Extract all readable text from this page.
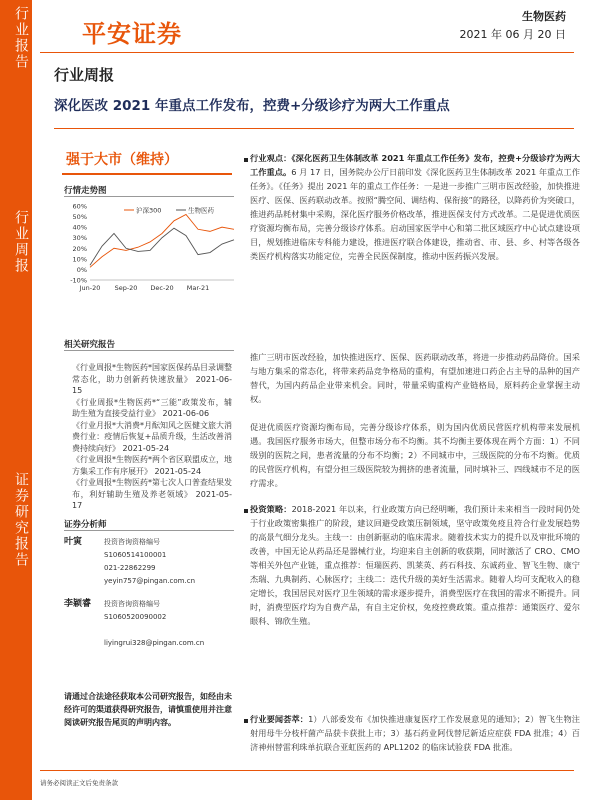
行业报告
行业周报
证券研究报告
平安证券
生物医药
2021 年 06 月 20 日
行业周报
深化医改 2021 年重点工作发布，控费+分级诊疗为两大工作重点
强于大市（维持）
行情走势图
-10%
0%
10%
20%
30%
40%
50%
60%
Jun-20 Sep-20 Dec-20 Mar-21
沪深300	生物医药
相关研究报告
《行业周报*生物医药*国家医保药品目录调整常态化，助力创新药快速放量》 2021-06-15
《行业周报*生物医药*“三能”政策发布，辅助生殖为直接受益行业》 2021-06-06
《行业月报*大消费*月酝知风之医健文旅大消费行业：疫情后恢复+品质升级，生活改善消费持续向好》 2021-05-24
《行业周报*生物医药*两个省区联盟成立，地方集采工作有序展开》 2021-05-24
《行业周报*生物医药*第七次人口普查结果发布，利好辅助生殖及养老领域》 2021-05-17
证券分析师
叶寅	投资咨询资格编号
S1060514100001
021-22862299
yeyin757@pingan.com.cn
李颖睿	投资咨询资格编号
S1060520090002
liyingrui328@pingan.com.cn
请通过合法途径获取本公司研究报告，如经由未经许可的渠道获得研究报告，请慎重使用并注意阅读研究报告尾页的声明内容。
请务必阅读正文后免责条款
行业观点：《深化医药卫生体制改革 2021 年重点工作任务》发布，控费+分级诊疗为两大工作重点。6 月 17 日，国务院办公厅日前印发《深化医药卫生体制改革 2021 年重点工作任务》。《任务》提出 2021 年的重点工作任务：一是进一步推广三明市医改经验，加快推进医疗、医保、医药联动改革。按照“腾空间、调结构、保衔接”的路径，以降药价为突破口，推进药品耗材集中采购，深化医疗服务价格改革，推进医保支付方式改革。二是促进优质医疗资源均衡布局，完善分级诊疗体系。启动国家医学中心和第二批区域医疗中心试点建设项目，规划推进临床专科能力建设，推进医疗联合体建设，推动省、市、县、乡、村等各级各类医疗机构落实功能定位，完善全民医保制度，推动中医药振兴发展。
推广三明市医改经验，加快推进医疗、医保、医药联动改革，将进一步推动药品降价。国采与地方集采的常态化，将带来药品竞争格局的重构，有望加速进口药企占主导的品种的国产替代，为国内药品企业带来机会。同时，带量采购重构产业链格局，原料药企业掌握主动权。
促进优质医疗资源均衡布局，完善分级诊疗体系，则为国内优质民营医疗机构带来发展机遇。我国医疗服务市场大，但整市场分布不均衡。其不均衡主要体现在两个方面：1）不同级别的医院之间，患者流量的分布不均衡；2）不同城市中，三级医院的分布不均衡。优质的民营医疗机构，有望分担三级医院较为拥挤的患者流量，同时填补三、四线城市不足的医疗需求。
投资策略：2018-2021 年以来，行业政策方向已经明晰，我们预计未来相当一段时间仍处于行业政策密集推广的阶段，建议回避受政策压制领域，坚守政策免疫且符合行业发展趋势的高景气细分龙头。主线一：由创新驱动的临床需求。随着技术实力的提升以及审批环境的改善，中国无论从药品还是器械行业，均迎来自主创新的收获期，同时激活了 CRO、CMO 等相关外包产业链，重点推荐：恒瑞医药、凯莱英、药石科技、东诚药业、智飞生物、康宁杰瑞、九典制药、心脉医疗；主线二：迭代升级的美好生活需求。随着人均可支配收入的稳定增长，我国居民对医疗卫生领域的需求逐步提升，消费型医疗在我国的需求不断提升。同时，消费型医疗均为自费产品，有自主定价权，免疫控费政策。重点推荐：通策医疗、爱尔眼科、锦欣生殖。
行业要闻荟萃：1）八部委发布《加快推进康复医疗工作发展意见的通知》；2）智飞生物注射用母牛分枝杆菌产品获卡获批上市；3）基石药业阿伐替尼新适应症获 FDA 批准；4）百济神州替雷利珠单抗联合亚虹医药的 APL1202 的临床试验获 FDA 批准。
